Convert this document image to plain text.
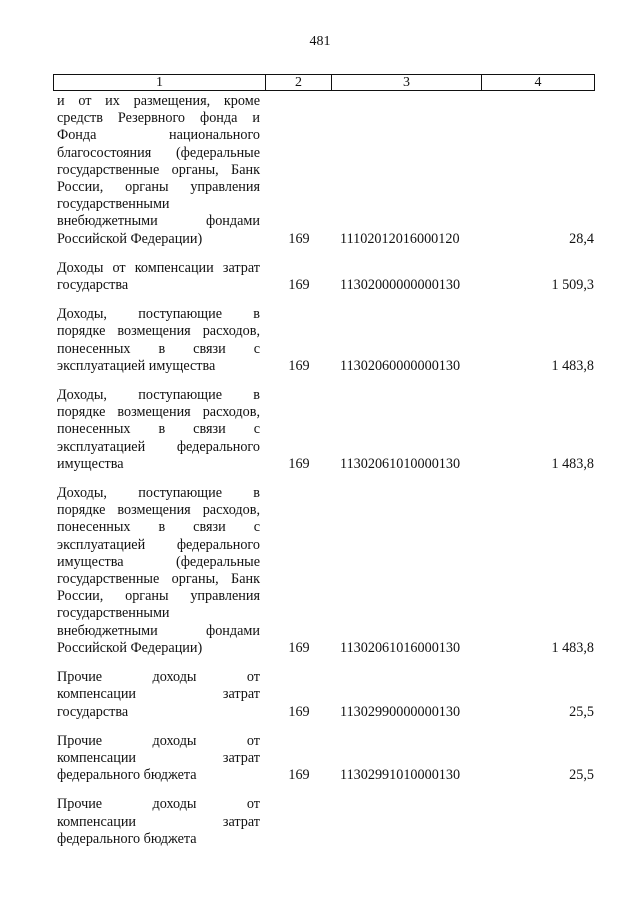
481
1	2	3	4
и от их размещения, кроме
средств Резервного фонда и
Фонда национального
благосостояния (федеральные
государственные органы, Банк
России, органы управления
государственными
внебюджетными фондами
Российской Федерации)	169	11102012016000120	28,4
Доходы от компенсации затрат
государства	169	11302000000000130	1 509,3
Доходы, поступающие в
порядке возмещения расходов,
понесенных в связи с
эксплуатацией имущества	169	11302060000000130	1 483,8
Доходы, поступающие в
порядке возмещения расходов,
понесенных в связи с
эксплуатацией федерального
имущества	169	11302061010000130	1 483,8
Доходы, поступающие в
порядке возмещения расходов,
понесенных в связи с
эксплуатацией федерального
имущества (федеральные
государственные органы, Банк
России, органы управления
государственными
внебюджетными фондами
Российской Федерации)	169	11302061016000130	1 483,8
Прочие доходы от
компенсации затрат
государства	169	11302990000000130	25,5
Прочие доходы от
компенсации затрат
федерального бюджета	169	11302991010000130	25,5
Прочие доходы от
компенсации затрат
федерального бюджета
